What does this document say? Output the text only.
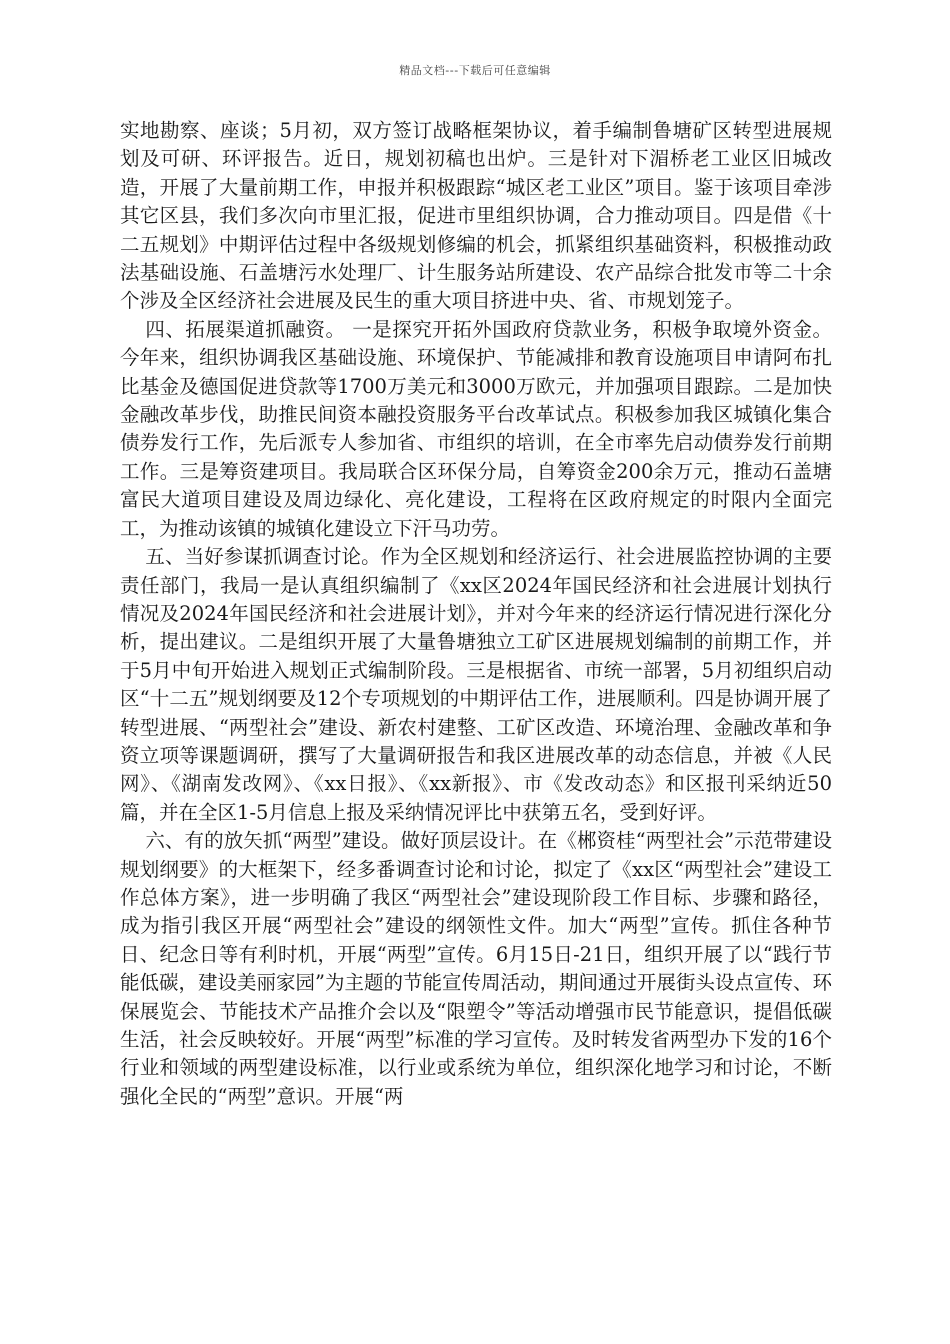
精品文档---下载后可任意编辑

实地勘察、座谈；5月初，双方签订战略框架协议，着手编制鲁塘矿区转型进展规划及可研、环评报告。近日，规划初稿也出炉。三是针对下湄桥老工业区旧城改造，开展了大量前期工作，申报并积极跟踪“城区老工业区”项目。鉴于该项目牵涉其它区县，我们多次向市里汇报，促进市里组织协调，合力推动项目。四是借《十二五规划》中期评估过程中各级规划修编的机会，抓紧组织基础资料，积极推动政法基础设施、石盖塘污水处理厂、计生服务站所建设、农产品综合批发市等二十余个涉及全区经济社会进展及民生的重大项目挤进中央、省、市规划笼子。

四、拓展渠道抓融资。 一是探究开拓外国政府贷款业务，积极争取境外资金。今年来，组织协调我区基础设施、环境保护、节能减排和教育设施项目申请阿布扎比基金及德国促进贷款等1700万美元和3000万欧元，并加强项目跟踪。二是加快金融改革步伐，助推民间资本融投资服务平台改革试点。积极参加我区城镇化集合债券发行工作，先后派专人参加省、市组织的培训，在全市率先启动债券发行前期工作。三是筹资建项目。我局联合区环保分局，自筹资金200余万元，推动石盖塘富民大道项目建设及周边绿化、亮化建设，工程将在区政府规定的时限内全面完工，为推动该镇的城镇化建设立下汗马功劳。

五、当好参谋抓调查讨论。作为全区规划和经济运行、社会进展监控协调的主要责任部门，我局一是认真组织编制了《xx区2024年国民经济和社会进展计划执行情况及2024年国民经济和社会进展计划》，并对今年来的经济运行情况进行深化分析，提出建议。二是组织开展了大量鲁塘独立工矿区进展规划编制的前期工作，并于5月中旬开始进入规划正式编制阶段。三是根据省、市统一部署，5月初组织启动区“十二五”规划纲要及12个专项规划的中期评估工作，进展顺利。四是协调开展了转型进展、“两型社会”建设、新农村建整、工矿区改造、环境治理、金融改革和争资立项等课题调研，撰写了大量调研报告和我区进展改革的动态信息，并被《人民网》、《湖南发改网》、《xx日报》、《xx新报》、市《发改动态》和区报刊采纳近50篇，并在全区1-5月信息上报及采纳情况评比中获第五名，受到好评。

六、有的放矢抓“两型”建设。做好顶层设计。在《郴资桂“两型社会”示范带建设规划纲要》的大框架下，经多番调查讨论和讨论，拟定了《xx区“两型社会”建设工作总体方案》，进一步明确了我区“两型社会”建设现阶段工作目标、步骤和路径，成为指引我区开展“两型社会”建设的纲领性文件。加大“两型”宣传。抓住各种节日、纪念日等有利时机，开展“两型”宣传。6月15日-21日，组织开展了以“践行节能低碳，建设美丽家园”为主题的节能宣传周活动，期间通过开展街头设点宣传、环保展览会、节能技术产品推介会以及“限塑令”等活动增强市民节能意识，提倡低碳生活，社会反映较好。开展“两型”标准的学习宣传。及时转发省两型办下发的16个行业和领域的两型建设标准，以行业或系统为单位，组织深化地学习和讨论，不断强化全民的“两型”意识。开展“两
